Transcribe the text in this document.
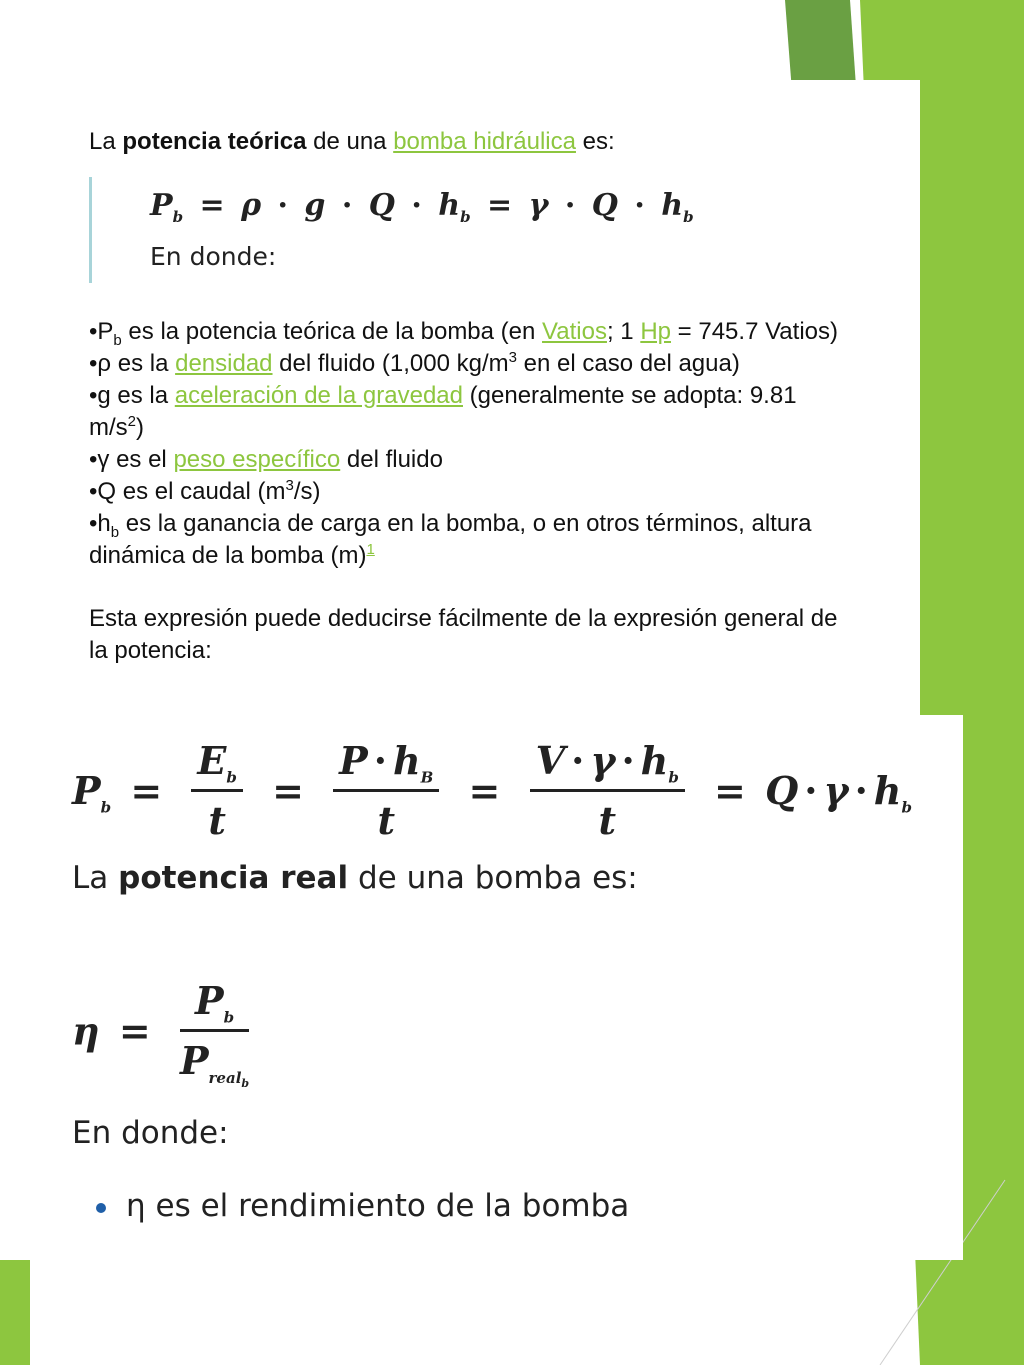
La potencia teórica de una bomba hidráulica es:
$P_b = \rho \cdot g \cdot Q \cdot h_b = \gamma \cdot Q \cdot h_b$
En donde:
$•P_b$ es la potencia teórica de la bomba (en Vatios; 1 Hp = 745.7 Vatios)
•ρ es la densidad del fluido (1,000 $kg/m^3$ en el caso del agua)
•g es la aceleración de la gravedad (generalmente se adopta: 9.81
$m/s^2$)
•γ es el peso específico del fluido
•Q es el caudal $(m^3/s)$
$•h_b$ es la ganancia de carga en la bomba, o en otros términos, altura
dinámica de la bomba $(m)^1$
Esta expresión puede deducirse fácilmente de la expresión general de
la potencia:
$P_b = \frac{E_b}{t} = \frac{P \cdot h_B}{t} = \frac{V \cdot \gamma \cdot h_b}{t} = Q \cdot \gamma \cdot h_b$
La potencia real de una bomba es:
$\eta = \frac{P_b}{P_{real_b}}$
En donde:
η es el rendimiento de la bomba
